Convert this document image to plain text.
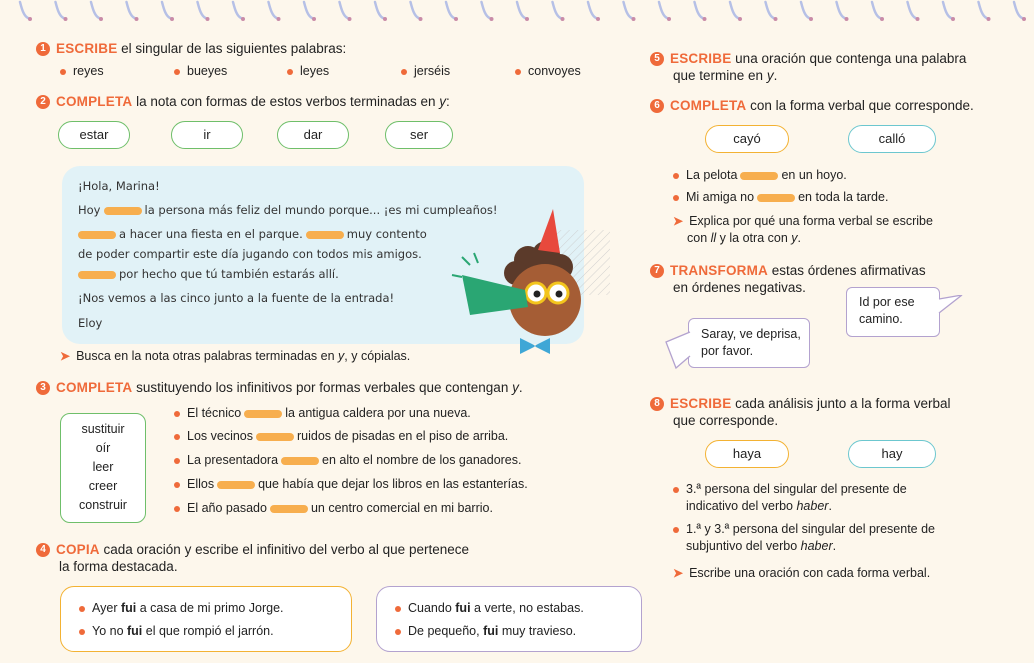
1 ESCRIBE el singular de las siguientes palabras:
reyes	bueyes	leyes	jerséis	convoyes
2 COMPLETA la nota con formas de estos verbos terminadas en y:
estar	ir	dar	ser
¡Hola, Marina!
Hoy	la persona más feliz del mundo porque... ¡es mi cumpleaños!
a hacer una fiesta en el parque.	muy contento
de poder compartir este día jugando con todos mis amigos.
por hecho que tú también estarás allí.
¡Nos vemos a las cinco junto a la fuente de la entrada!
Eloy
➤ Busca en la nota otras palabras terminadas en y, y cópialas.
3 COMPLETA sustituyendo los infinitivos por formas verbales que contengan y.
sustituir
oír
leer
creer
construir
El técnico	la antigua caldera por una nueva.
Los vecinos	ruidos de pisadas en el piso de arriba.
La presentadora	en alto el nombre de los ganadores.
Ellos	que había que dejar los libros en las estanterías.
El año pasado	un centro comercial en mi barrio.
4 COPIA cada oración y escribe el infinitivo del verbo al que pertenece
la forma destacada.
Ayer fui a casa de mi primo Jorge.
Yo no fui el que rompió el jarrón.
Cuando fui a verte, no estabas.
De pequeño, fui muy travieso.
5 ESCRIBE una oración que contenga una palabra
que termine en y.
6 COMPLETA con la forma verbal que corresponde.
cayó	calló
La pelota	en un hoyo.
Mi amiga no	en toda la tarde.
➤ Explica por qué una forma verbal se escribe
con ll y la otra con y.
7 TRANSFORMA estas órdenes afirmativas
en órdenes negativas.
Id por ese
camino.
Saray, ve deprisa,
por favor.
8 ESCRIBE cada análisis junto a la forma verbal
que corresponde.
haya	hay
3.ª persona del singular del presente de
indicativo del verbo haber.
1.ª y 3.ª persona del singular del presente de
subjuntivo del verbo haber.
➤ Escribe una oración con cada forma verbal.
